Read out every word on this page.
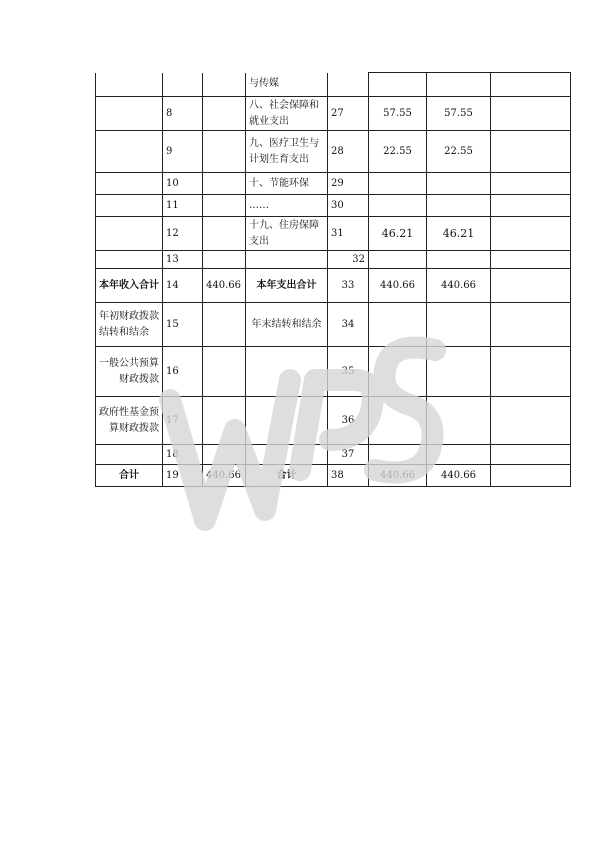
			与传媒				
	8		八、社会保障和就业支出	27	57.55	57.55	
	9		九、医疗卫生与计划生育支出	28	22.55	22.55	
	10		十、节能环保	29			
	11		……	30			
	12		十九、住房保障支出	31	46.21	46.21	
	13			32			
本年收入合计	14	440.66	本年支出合计	33	440.66	440.66	
年初财政拨款结转和结余	15		年末结转和结余	34			
一般公共预算财政拨款	16			35			
政府性基金预算财政拨款	17			36			
	18			37			
合计	19	440.66	合计	38	440.66	440.66	
